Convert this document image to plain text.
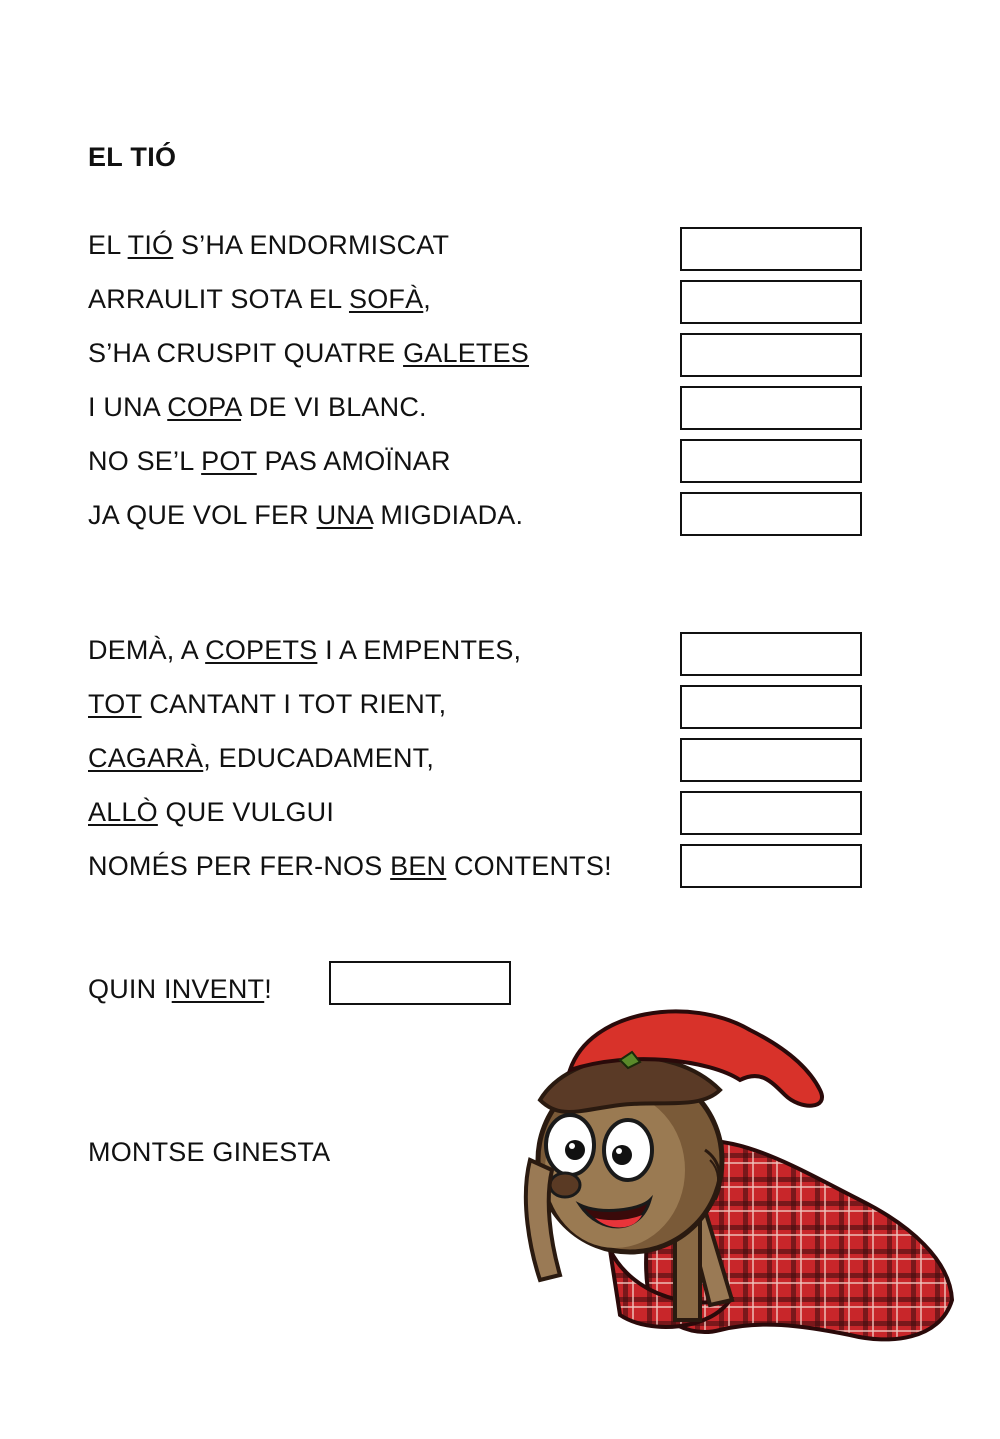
EL TIÓ
EL TIÓ S’HA ENDORMISCAT
ARRAULIT SOTA EL SOFÀ,
S’HA CRUSPIT QUATRE GALETES
I UNA COPA DE VI BLANC.
NO SE’L POT PAS AMOÏNAR
JA QUE VOL FER UNA MIGDIADA.
DEMÀ, A COPETS I A EMPENTES,
TOT CANTANT I TOT RIENT,
CAGARÀ, EDUCADAMENT,
ALLÒ QUE VULGUI
NOMÉS PER FER-NOS BEN CONTENTS!
QUIN INVENT!
MONTSE GINESTA
